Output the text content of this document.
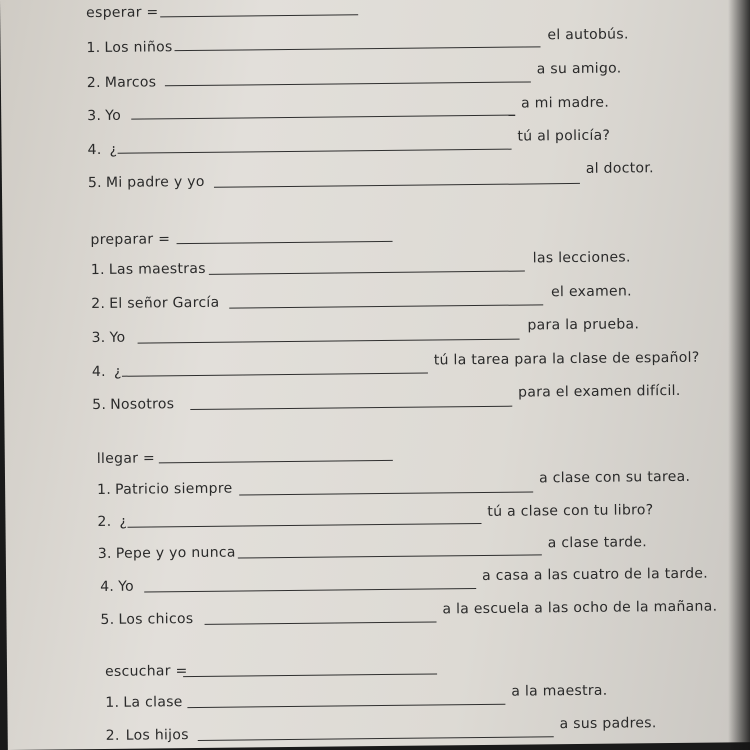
esperar =
1. Los niños
el autobús.
2. Marcos
a su amigo.
3. Yo
a mi madre.
4. ¿
tú al policía?
5. Mi padre y yo
al doctor.
preparar =
1. Las maestras
las lecciones.
2. El señor García
el examen.
3. Yo
para la prueba.
4. ¿
tú la tarea para la clase de español?
5. Nosotros
para el examen difícil.
llegar =
1. Patricio siempre
a clase con su tarea.
2. ¿
tú a clase con tu libro?
3. Pepe y yo nunca
a clase tarde.
4. Yo
a casa a las cuatro de la tarde.
5. Los chicos
a la escuela a las ocho de la mañana.
escuchar =
1. La clase
a la maestra.
2. Los hijos
a sus padres.
